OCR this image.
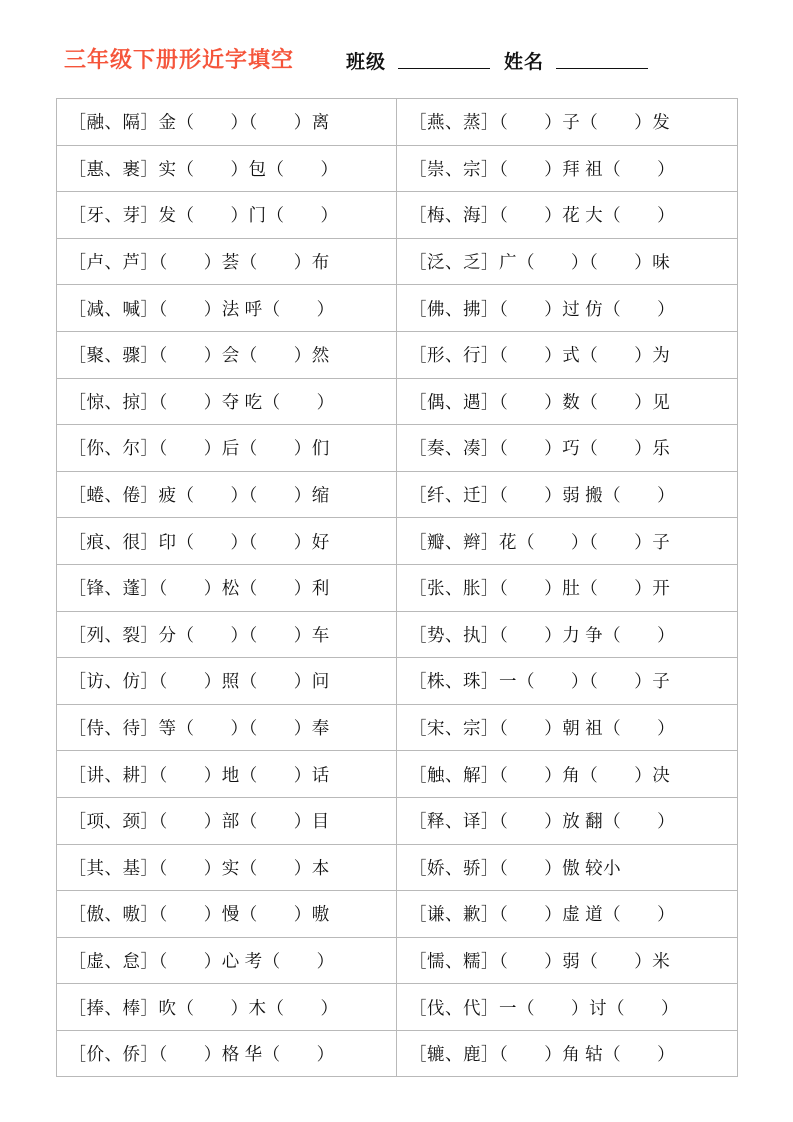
三年级下册形近字填空	班级	姓名
［融、隔］金（　　）（　　）离	［燕、蒸］（　　）子（　　）发

［惠、裹］实（　　）包（　　）	［崇、宗］（　　）拜 祖（　　）

［牙、芽］发（　　）门（　　）	［梅、海］（　　）花 大（　　）

［卢、芦］（　　）荟（　　）布	［泛、乏］广（　　）（　　）味

［减、喊］（　　）法 呼（　　）	［佛、拂］（　　）过 仿（　　）

［聚、骤］（　　）会（　　）然	［形、行］（　　）式（　　）为

［惊、掠］（　　）夺 吃（　　）	［偶、遇］（　　）数（　　）见

［你、尔］（　　）后（　　）们	［奏、凑］（　　）巧（　　）乐

［蜷、倦］疲（　　）（　　）缩	［纤、迁］（　　）弱 搬（　　）

［痕、很］印（　　）（　　）好	［瓣、辫］花（　　）（　　）子

［锋、蓬］（　　）松（　　）利	［张、胀］（　　）肚（　　）开

［列、裂］分（　　）（　　）车	［势、执］（　　）力 争（　　）

［访、仿］（　　）照（　　）问	［株、珠］一（　　）（　　）子

［侍、待］等（　　）（　　）奉	［宋、宗］（　　）朝 祖（　　）

［讲、耕］（　　）地（　　）话	［触、解］（　　）角（　　）决

［项、颈］（　　）部（　　）目	［释、译］（　　）放 翻（　　）

［其、基］（　　）实（　　）本	［娇、骄］（　　）傲 较小

［傲、嗷］（　　）慢（　　）嗷	［谦、歉］（　　）虚 道（　　）

［虚、怠］（　　）心 考（　　）	［懦、糯］（　　）弱（　　）米

［捧、棒］吹（　　）木（　　）	［伐、代］一（　　）讨（　　）

［价、侨］（　　）格 华（　　）	［辘、鹿］（　　）角 轱（　　）
